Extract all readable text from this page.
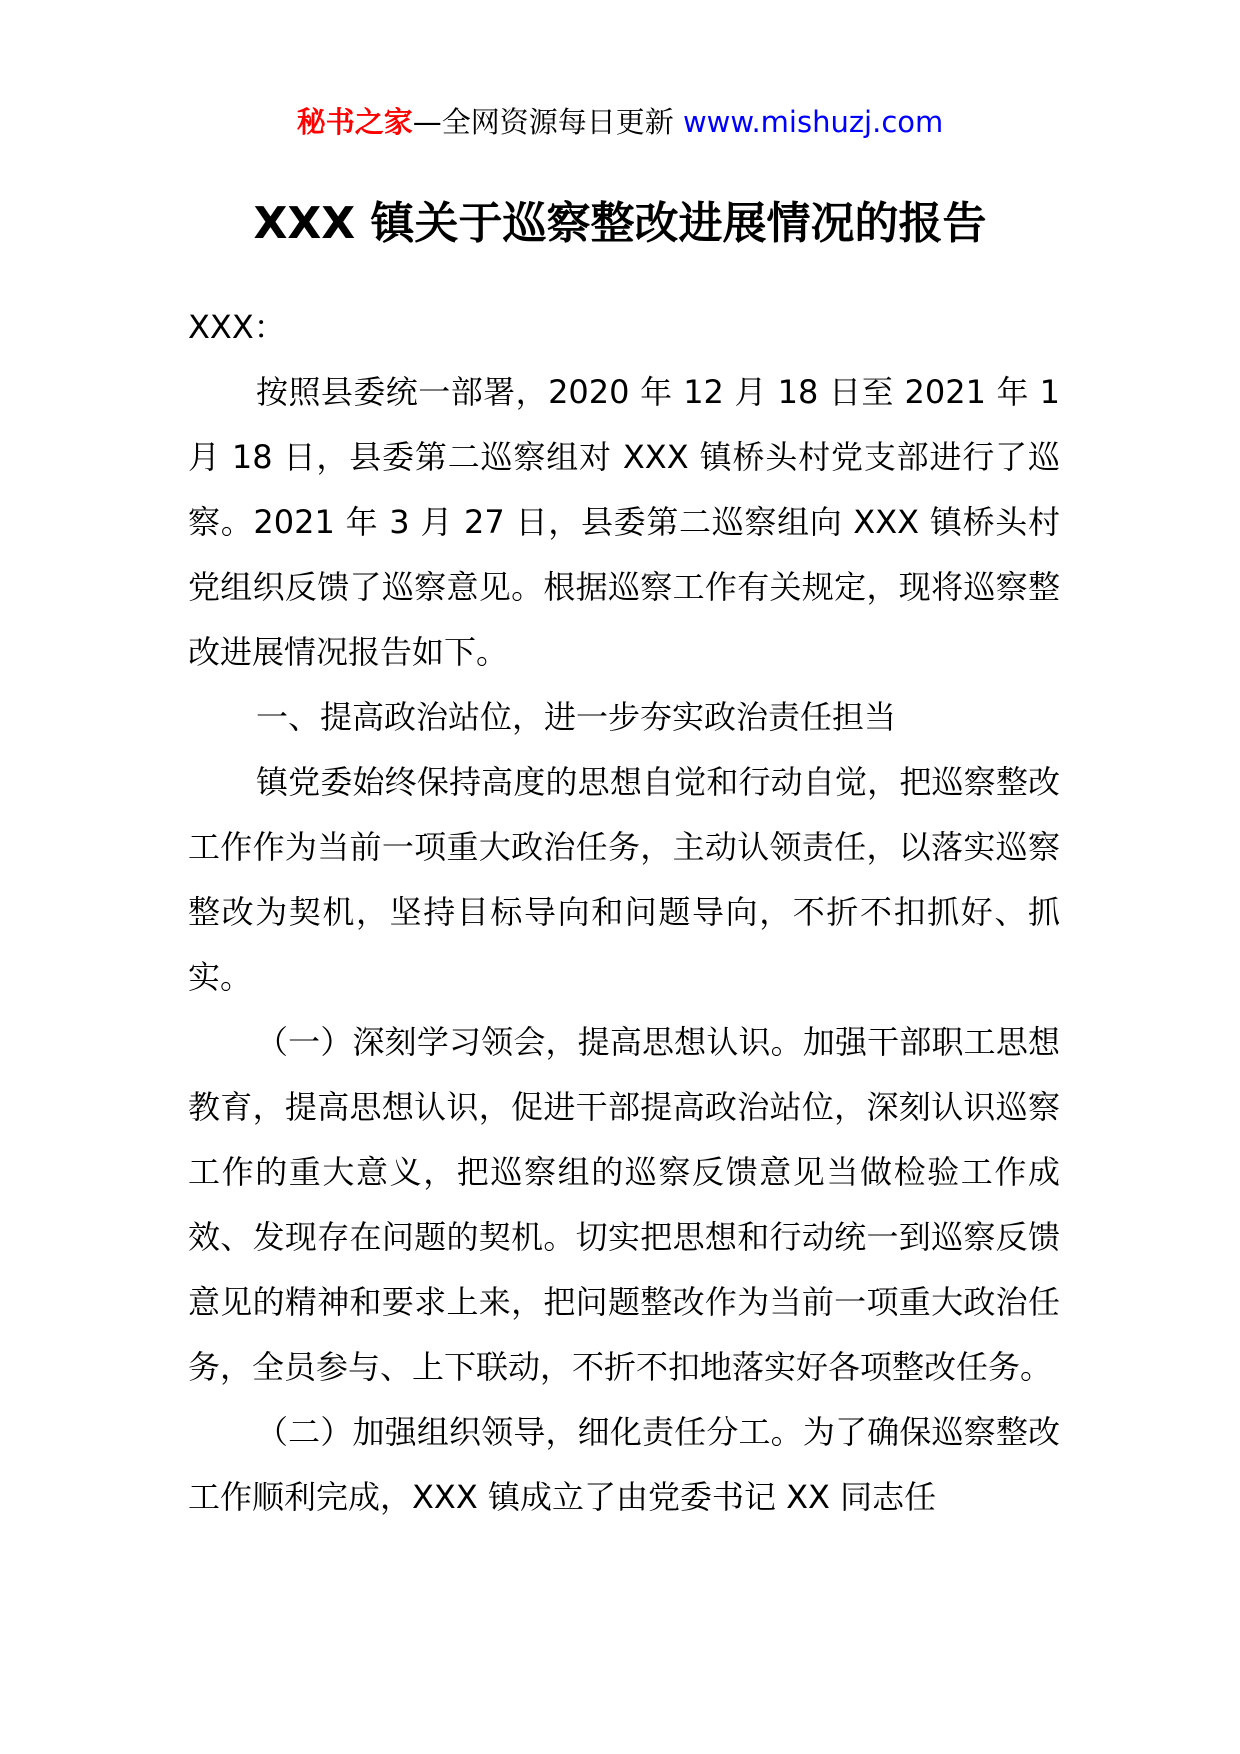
秘书之家—全网资源每日更新 www.mishuzj.com
XXX 镇关于巡察整改进展情况的报告

XXX：

按照县委统一部署，2020 年 12 月 18 日至 2021 年 1 月 18 日，县委第二巡察组对 XXX 镇桥头村党支部进行了巡察。2021 年 3 月 27 日，县委第二巡察组向 XXX 镇桥头村党组织反馈了巡察意见。根据巡察工作有关规定，现将巡察整改进展情况报告如下。

一、提高政治站位，进一步夯实政治责任担当

镇党委始终保持高度的思想自觉和行动自觉，把巡察整改工作作为当前一项重大政治任务，主动认领责任，以落实巡察整改为契机，坚持目标导向和问题导向，不折不扣抓好、抓实。

（一）深刻学习领会，提高思想认识。加强干部职工思想教育，提高思想认识，促进干部提高政治站位，深刻认识巡察工作的重大意义，把巡察组的巡察反馈意见当做检验工作成效、发现存在问题的契机。切实把思想和行动统一到巡察反馈意见的精神和要求上来，把问题整改作为当前一项重大政治任务，全员参与、上下联动，不折不扣地落实好各项整改任务。

（二）加强组织领导，细化责任分工。为了确保巡察整改工作顺利完成，XXX 镇成立了由党委书记 XX 同志任
